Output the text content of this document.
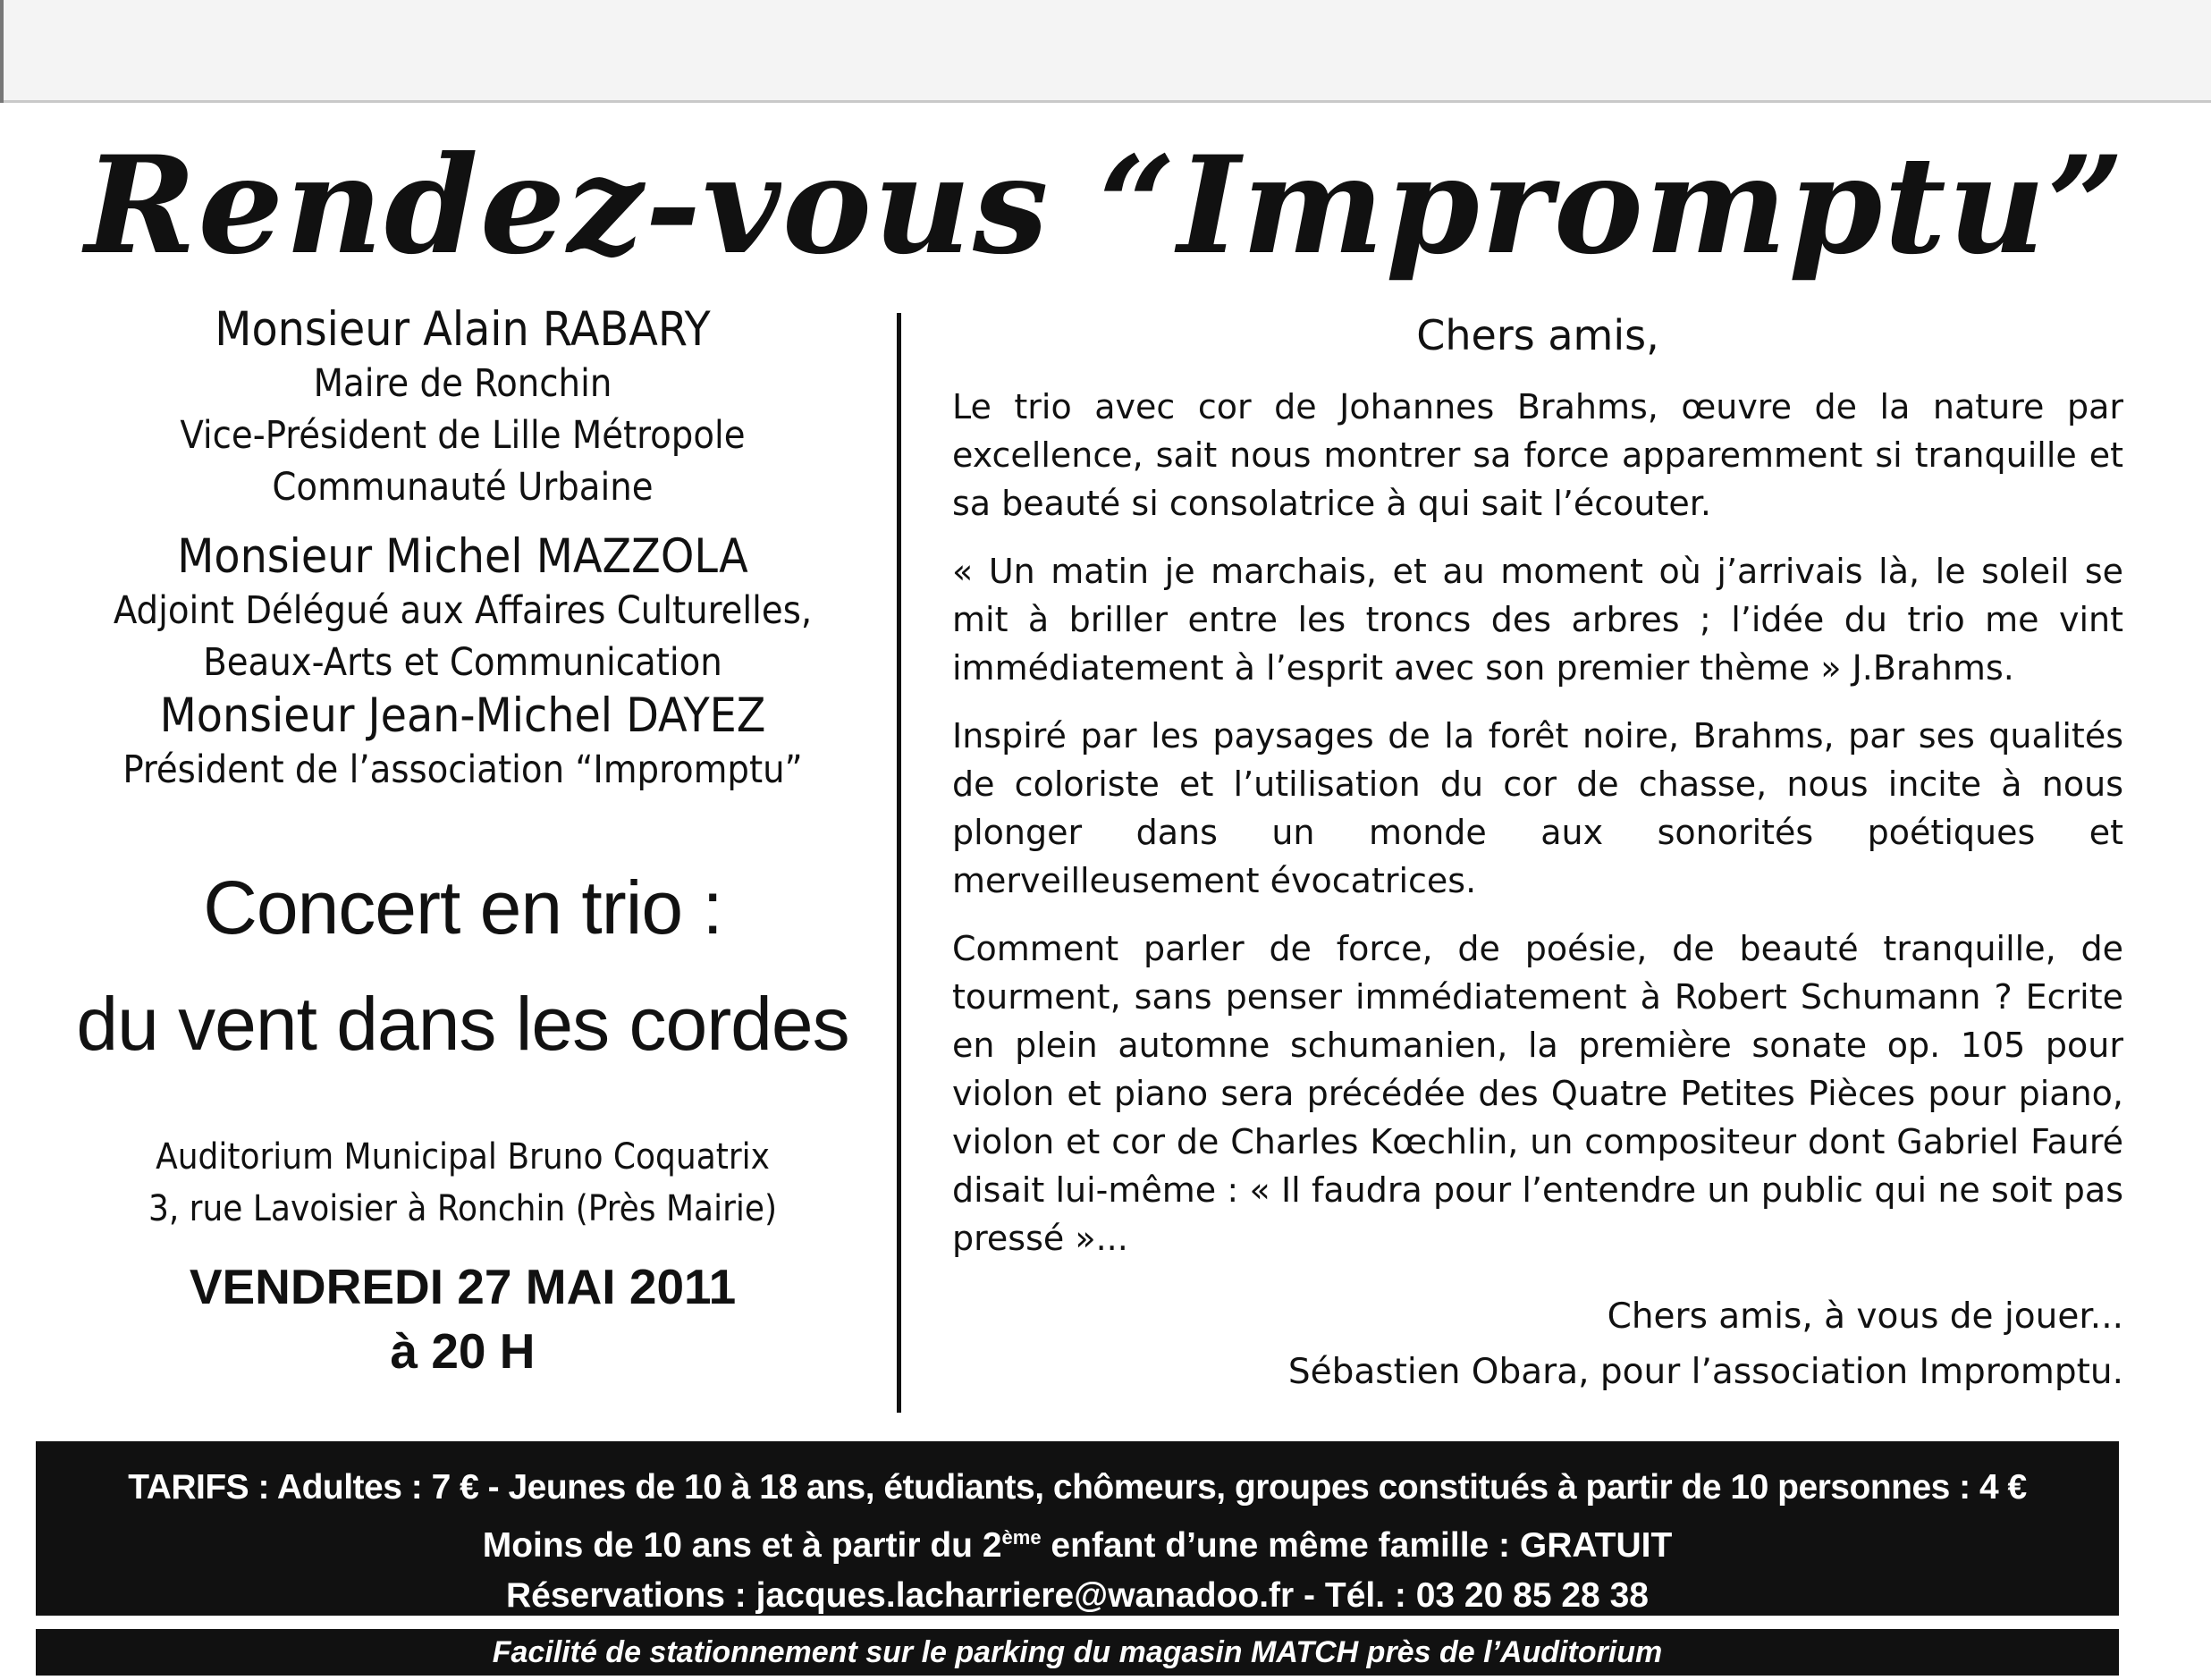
Rendez-vous “Impromptu”
Monsieur Alain RABARY
Maire de Ronchin
Vice-Président de Lille Métropole
Communauté Urbaine
Monsieur Michel MAZZOLA
Adjoint Délégué aux Affaires Culturelles,
Beaux-Arts et Communication
Monsieur Jean-Michel DAYEZ
Président de l’association “Impromptu”
Concert en trio :
du vent dans les cordes
Auditorium Municipal Bruno Coquatrix
3, rue Lavoisier à Ronchin (Près Mairie)
VENDREDI 27 MAI 2011
à 20 H
Chers amis,

Le trio avec cor de Johannes Brahms, œuvre de la nature par excellence, sait nous montrer sa force apparemment si tranquille et sa beauté si consolatrice à qui sait l’écouter.

« Un matin je marchais, et au moment où j’arrivais là, le soleil se mit à briller entre les troncs des arbres ; l’idée du trio me vint immédiatement à l’esprit avec son premier thème » J.Brahms.

Inspiré par les paysages de la forêt noire, Brahms, par ses qualités de coloriste et l’utilisation du cor de chasse, nous incite à nous plonger dans un monde aux sonorités poétiques et merveilleusement évocatrices.

Comment parler de force, de poésie, de beauté tranquille, de tourment, sans penser immédiatement à Robert Schumann ? Ecrite en plein automne schumanien, la première sonate op. 105 pour violon et piano sera précédée des Quatre Petites Pièces pour piano, violon et cor de Charles Kœchlin, un compositeur dont Gabriel Fauré disait lui-même : « Il faudra pour l’entendre un public qui ne soit pas pressé »...

Chers amis, à vous de jouer...
Sébastien Obara, pour l’association Impromptu.
TARIFS : Adultes : 7 € - Jeunes de 10 à 18 ans, étudiants, chômeurs, groupes constitués à partir de 10 personnes : 4 €
Moins de 10 ans et à partir du 2ème enfant d’une même famille : GRATUIT
Réservations : jacques.lacharriere@wanadoo.fr - Tél. : 03 20 85 28 38
Facilité de stationnement sur le parking du magasin MATCH près de l’Auditorium
